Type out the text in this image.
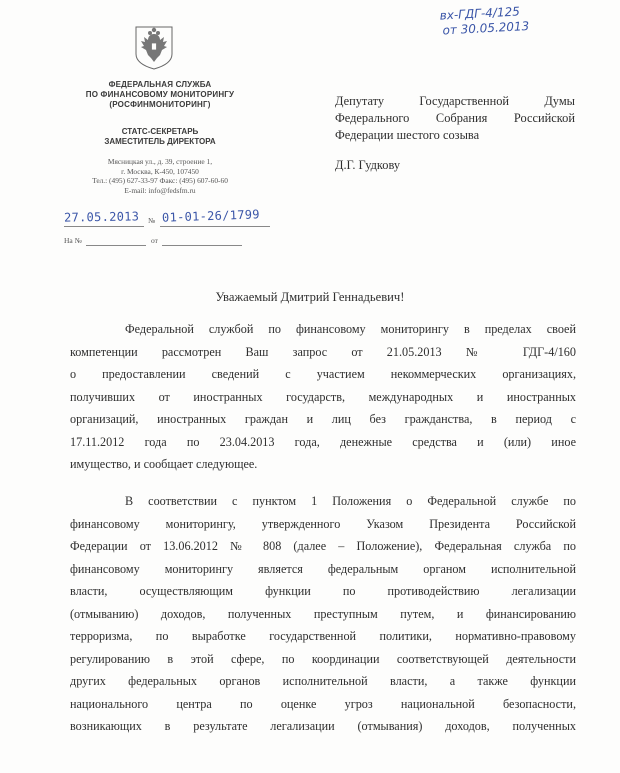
вх-ГДГ-4/125
от 30.05.2013
ФЕДЕРАЛЬНАЯ СЛУЖБА
ПО ФИНАНСОВОМУ МОНИТОРИНГУ
(РОСФИНМОНИТОРИНГ)
СТАТС-СЕКРЕТАРЬ
ЗАМЕСТИТЕЛЬ ДИРЕКТОРА
Мясницкая ул., д. 39, строение 1,
г. Москва, К-450, 107450
Тел.: (495) 627-33-97 Факс: (495) 607-60-60
E-mail: info@fedsfm.ru
27.05.2013 № 01-01-26/1799
На №	от
Депутату Государственной Думы
Федерального Собрания Российской
Федерации шестого созыва
Д.Г. Гудкову
Уважаемый Дмитрий Геннадьевич!
Федеральной службой по финансовому мониторингу в пределах своей
компетенции рассмотрен Ваш запрос от 21.05.2013 № ГДГ-4/160
о предоставлении сведений с участием некоммерческих организациях,
получивших от иностранных государств, международных и иностранных
организаций, иностранных граждан и лиц без гражданства, в период с
17.11.2012 года по 23.04.2013 года, денежные средства и (или) иное
имущество, и сообщает следующее.
В соответствии с пунктом 1 Положения о Федеральной службе по
финансовому мониторингу, утвержденного Указом Президента Российской
Федерации от 13.06.2012 № 808 (далее – Положение), Федеральная служба по
финансовому мониторингу является федеральным органом исполнительной
власти, осуществляющим функции по противодействию легализации
(отмыванию) доходов, полученных преступным путем, и финансированию
терроризма, по выработке государственной политики, нормативно-правовому
регулированию в этой сфере, по координации соответствующей деятельности
других федеральных органов исполнительной власти, а также функции
национального центра по оценке угроз национальной безопасности,
возникающих в результате легализации (отмывания) доходов, полученных
